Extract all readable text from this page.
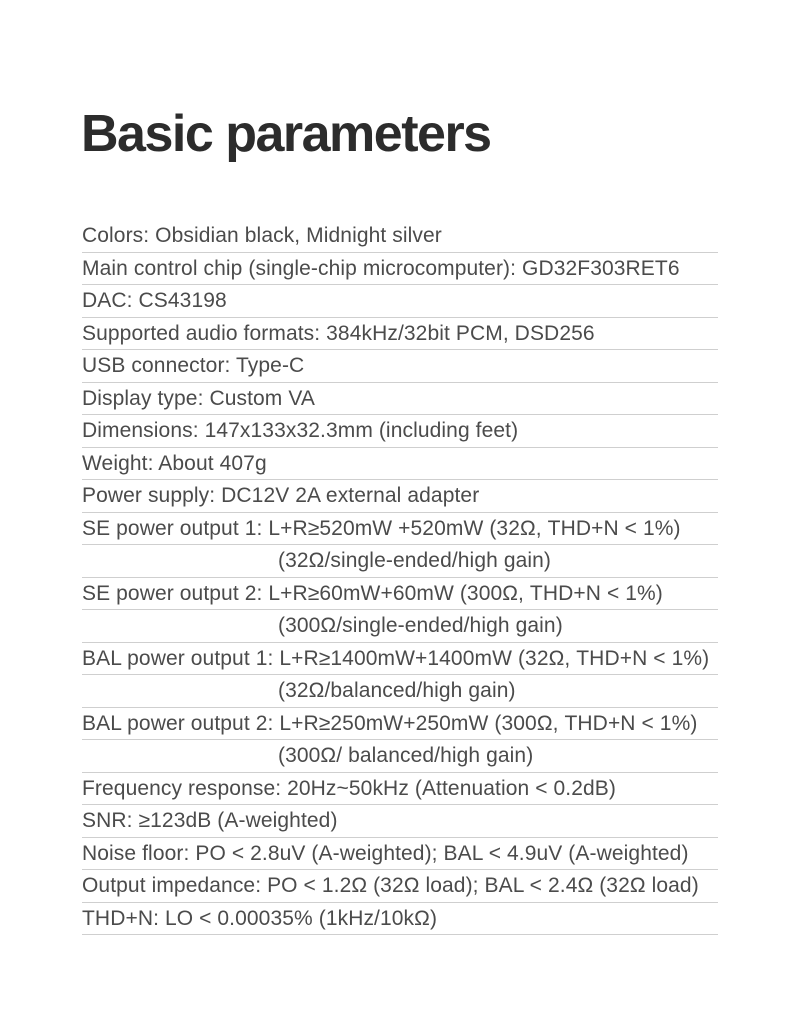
Basic parameters
Colors: Obsidian black, Midnight silver
Main control chip (single-chip microcomputer): GD32F303RET6
DAC: CS43198
Supported audio formats: 384kHz/32bit PCM, DSD256
USB connector: Type-C
Display type: Custom VA
Dimensions: 147x133x32.3mm (including feet)
Weight: About 407g
Power supply: DC12V 2A external adapter
SE power output 1: L+R≥520mW +520mW (32Ω, THD+N < 1%)
(32Ω/single-ended/high gain)
SE power output 2: L+R≥60mW+60mW (300Ω, THD+N < 1%)
(300Ω/single-ended/high gain)
BAL power output 1: L+R≥1400mW+1400mW (32Ω, THD+N < 1%)
(32Ω/balanced/high gain)
BAL power output 2: L+R≥250mW+250mW (300Ω, THD+N < 1%)
(300Ω/ balanced/high gain)
Frequency response: 20Hz~50kHz (Attenuation < 0.2dB)
SNR: ≥123dB (A-weighted)
Noise floor: PO < 2.8uV (A-weighted); BAL < 4.9uV (A-weighted)
Output impedance: PO < 1.2Ω (32Ω load); BAL < 2.4Ω (32Ω load)
THD+N: LO < 0.00035% (1kHz/10kΩ)
